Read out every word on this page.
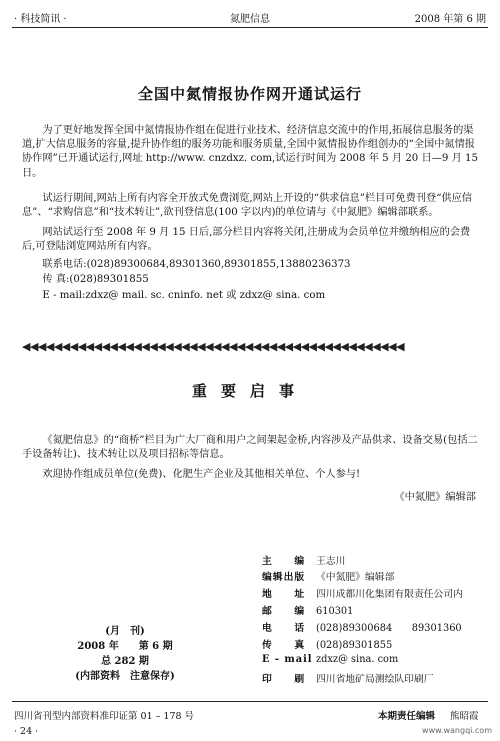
· 科技简讯 ·	氮肥信息	2008 年第 6 期
全国中氮情报协作网开通试运行
为了更好地发挥全国中氮情报协作组在促进行业技术、经济信息交流中的作用,拓展信息服务的渠道,扩大信息服务的容量,提升协作组的服务功能和服务质量,全国中氮情报协作组创办的“全国中氮情报协作网”已开通试运行,网址 http://www. cnzdxz. com,试运行时间为 2008 年 5 月 20 日—9 月 15 日。
试运行期间,网站上所有内容全开放式免费浏览,网站上开设的“供求信息”栏目可免费刊登“供应信息”、“求购信息”和“技术转让”,欲刊登信息(100 字以内)的单位请与《中氮肥》编辑部联系。
网站试运行至 2008 年 9 月 15 日后,部分栏目内容将关闭,注册成为会员单位并缴纳相应的会费后,可登陆浏览网站所有内容。
联系电话:(028)89300684,89301360,89301855,13880236373
传 真:(028)89301855
E - mail:zdxz@ mail. sc. cninfo. net 或 zdxz@ sina. com
◀◀◀◀◀◀◀◀◀◀◀◀◀◀◀◀◀◀◀◀◀◀◀◀◀◀◀◀◀◀◀◀◀◀◀◀◀◀◀◀◀◀◀◀◀◀◀◀
重要启事
《氮肥信息》的“商桥”栏目为广大厂商和用户之间架起金桥,内容涉及产品供求、设备交易(包括二手设备转让)、技术转让以及项目招标等信息。
欢迎协作组成员单位(免费)、化肥生产企业及其他相关单位、个人参与!
《中氮肥》编辑部
主　　编 王志川
编辑出版 《中氮肥》编辑部
地　　址 四川成都川化集团有限责任公司内
邮　　编 610301
电　　话 (028)89300684　　89301360
传　　真 (028)89301855
E - mail zdxz@ sina. com
印　　刷 四川省地矿局测绘队印刷厂
(月　刊)
2008 年　　第 6 期
总 282 期
(内部资料　注意保存)
四川省刊型内部资料准印证第 01 – 178 号	本期责任编辑 熊昭霞
· 24 ·	www.wangqi.com
